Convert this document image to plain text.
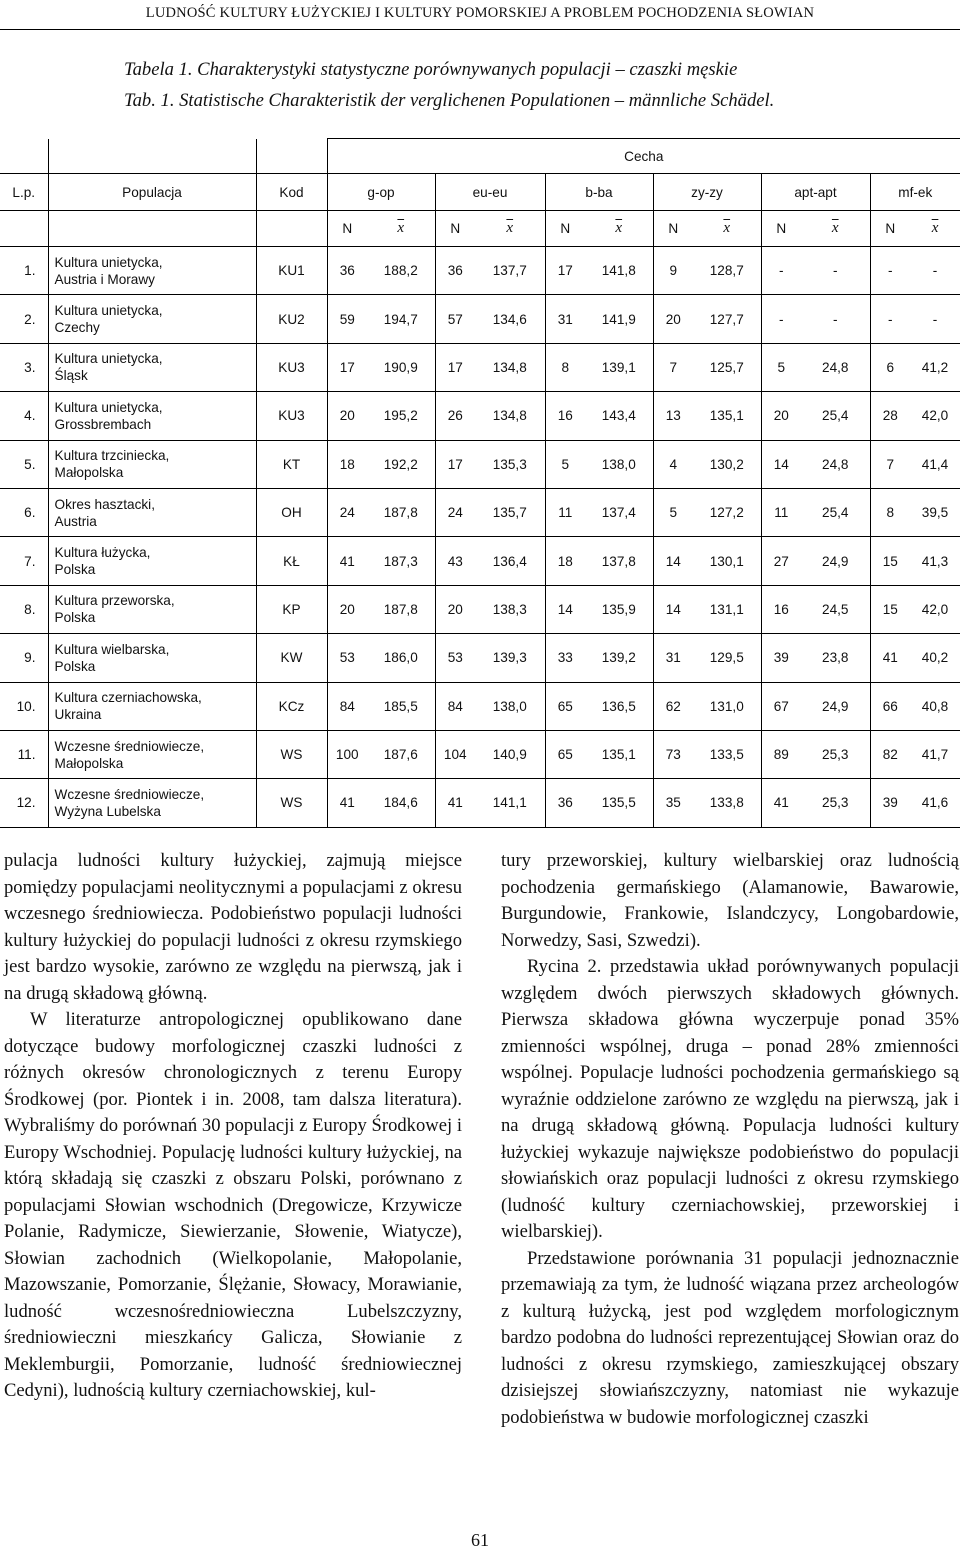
LUDNOŚĆ KULTURY ŁUŻYCKIEJ I KULTURY POMORSKIEJ A PROBLEM POCHODZENIA SŁOWIAN
Tabela 1. Charakterystyki statystyczne porównywanych populacji – czaszki męskie
Tab. 1. Statistische Charakteristik der verglichenen Populationen – männliche Schädel.
			Cecha											
L.p.	Populacja	Kod	g-op		eu-eu		b-ba		zy-zy		apt-apt		mf-ek	
			N	$\overline{x}$	N	$\overline{x}$	N	$\overline{x}$	N	$\overline{x}$	N	$\overline{x}$	N	$\overline{x}$
1.	Kultura unietycka,
Austria i Morawy	KU1	36	188,2	36	137,7	17	141,8	9	128,7	-	-	-	-
2.	Kultura unietycka,
Czechy	KU2	59	194,7	57	134,6	31	141,9	20	127,7	-	-	-	-
3.	Kultura unietycka,
Śląsk	KU3	17	190,9	17	134,8	8	139,1	7	125,7	5	24,8	6	41,2
4.	Kultura unietycka,
Grossbrembach	KU3	20	195,2	26	134,8	16	143,4	13	135,1	20	25,4	28	42,0
5.	Kultura trzciniecka,
Małopolska	KT	18	192,2	17	135,3	5	138,0	4	130,2	14	24,8	7	41,4
6.	Okres hasztacki,
Austria	OH	24	187,8	24	135,7	11	137,4	5	127,2	11	25,4	8	39,5
7.	Kultura łużycka,
Polska	KŁ	41	187,3	43	136,4	18	137,8	14	130,1	27	24,9	15	41,3
8.	Kultura przeworska,
Polska	KP	20	187,8	20	138,3	14	135,9	14	131,1	16	24,5	15	42,0
9.	Kultura wielbarska,
Polska	KW	53	186,0	53	139,3	33	139,2	31	129,5	39	23,8	41	40,2
10.	Kultura czerniachowska,
Ukraina	KCz	84	185,5	84	138,0	65	136,5	62	131,0	67	24,9	66	40,8
11.	Wczesne średniowiecze,
Małopolska	WS	100	187,6	104	140,9	65	135,1	73	133,5	89	25,3	82	41,7
12.	Wczesne średniowiecze,
Wyżyna Lubelska	WS	41	184,6	41	141,1	36	135,5	35	133,8	41	25,3	39	41,6

pulacja ludności kultury łużyckiej, zajmują miejsce pomiędzy populacjami neolitycznymi a populacjami z okresu wczesnego średniowiecza. Podobieństwo populacji ludności kultury łużyckiej do populacji ludności z okresu rzymskiego jest bardzo wysokie, zarówno ze względu na pierwszą, jak i na drugą składową główną.

W literaturze antropologicznej opublikowano dane dotyczące budowy morfologicznej czaszki ludności z różnych okresów chronologicznych z terenu Europy Środkowej (por. Piontek i in. 2008, tam dalsza literatura). Wybraliśmy do porównań 30 populacji z Europy Środkowej i Europy Wschodniej. Populację ludności kultury łużyckiej, na którą składają się czaszki z obszaru Polski, porównano z populacjami Słowian wschodnich (Dregowicze, Krzywicze Polanie, Radymicze, Siewierzanie, Słowenie, Wiatycze), Słowian zachodnich (Wielkopolanie, Małopolanie, Mazowszanie, Pomorzanie, Ślężanie, Słowacy, Morawianie, ludność wczesnośredniowieczna Lubelszczyzny, średniowieczni mieszkańcy Galicza, Słowianie z Meklemburgii, Pomorzanie, ludność średniowiecznej Cedyni), ludnością kultury czerniachowskiej, kul-

tury przeworskiej, kultury wielbarskiej oraz ludnością pochodzenia germańskiego (Alamanowie, Bawarowie, Burgundowie, Frankowie, Islandczycy, Longobardowie, Norwedzy, Sasi, Szwedzi).

Rycina 2. przedstawia układ porównywanych populacji względem dwóch pierwszych składowych głównych. Pierwsza składowa główna wyczerpuje ponad 35% zmienności wspólnej, druga – ponad 28% zmienności wspólnej. Populacje ludności pochodzenia germańskiego są wyraźnie oddzielone zarówno ze względu na pierwszą, jak i na drugą składową główną. Populacja ludności kultury łużyckiej wykazuje największe podobieństwo do populacji słowiańskich oraz populacji ludności z okresu rzymskiego (ludność kultury czerniachowskiej, przeworskiej i wielbarskiej).

Przedstawione porównania 31 populacji jednoznacznie przemawiają za tym, że ludność wiązana przez archeologów z kulturą łużycką, jest pod względem morfologicznym bardzo podobna do ludności reprezentującej Słowian oraz do ludności z okresu rzymskiego, zamieszkującej obszary dzisiejszej słowiańszczyzny, natomiast nie wykazuje podobieństwa w budowie morfologicznej czaszki

61
